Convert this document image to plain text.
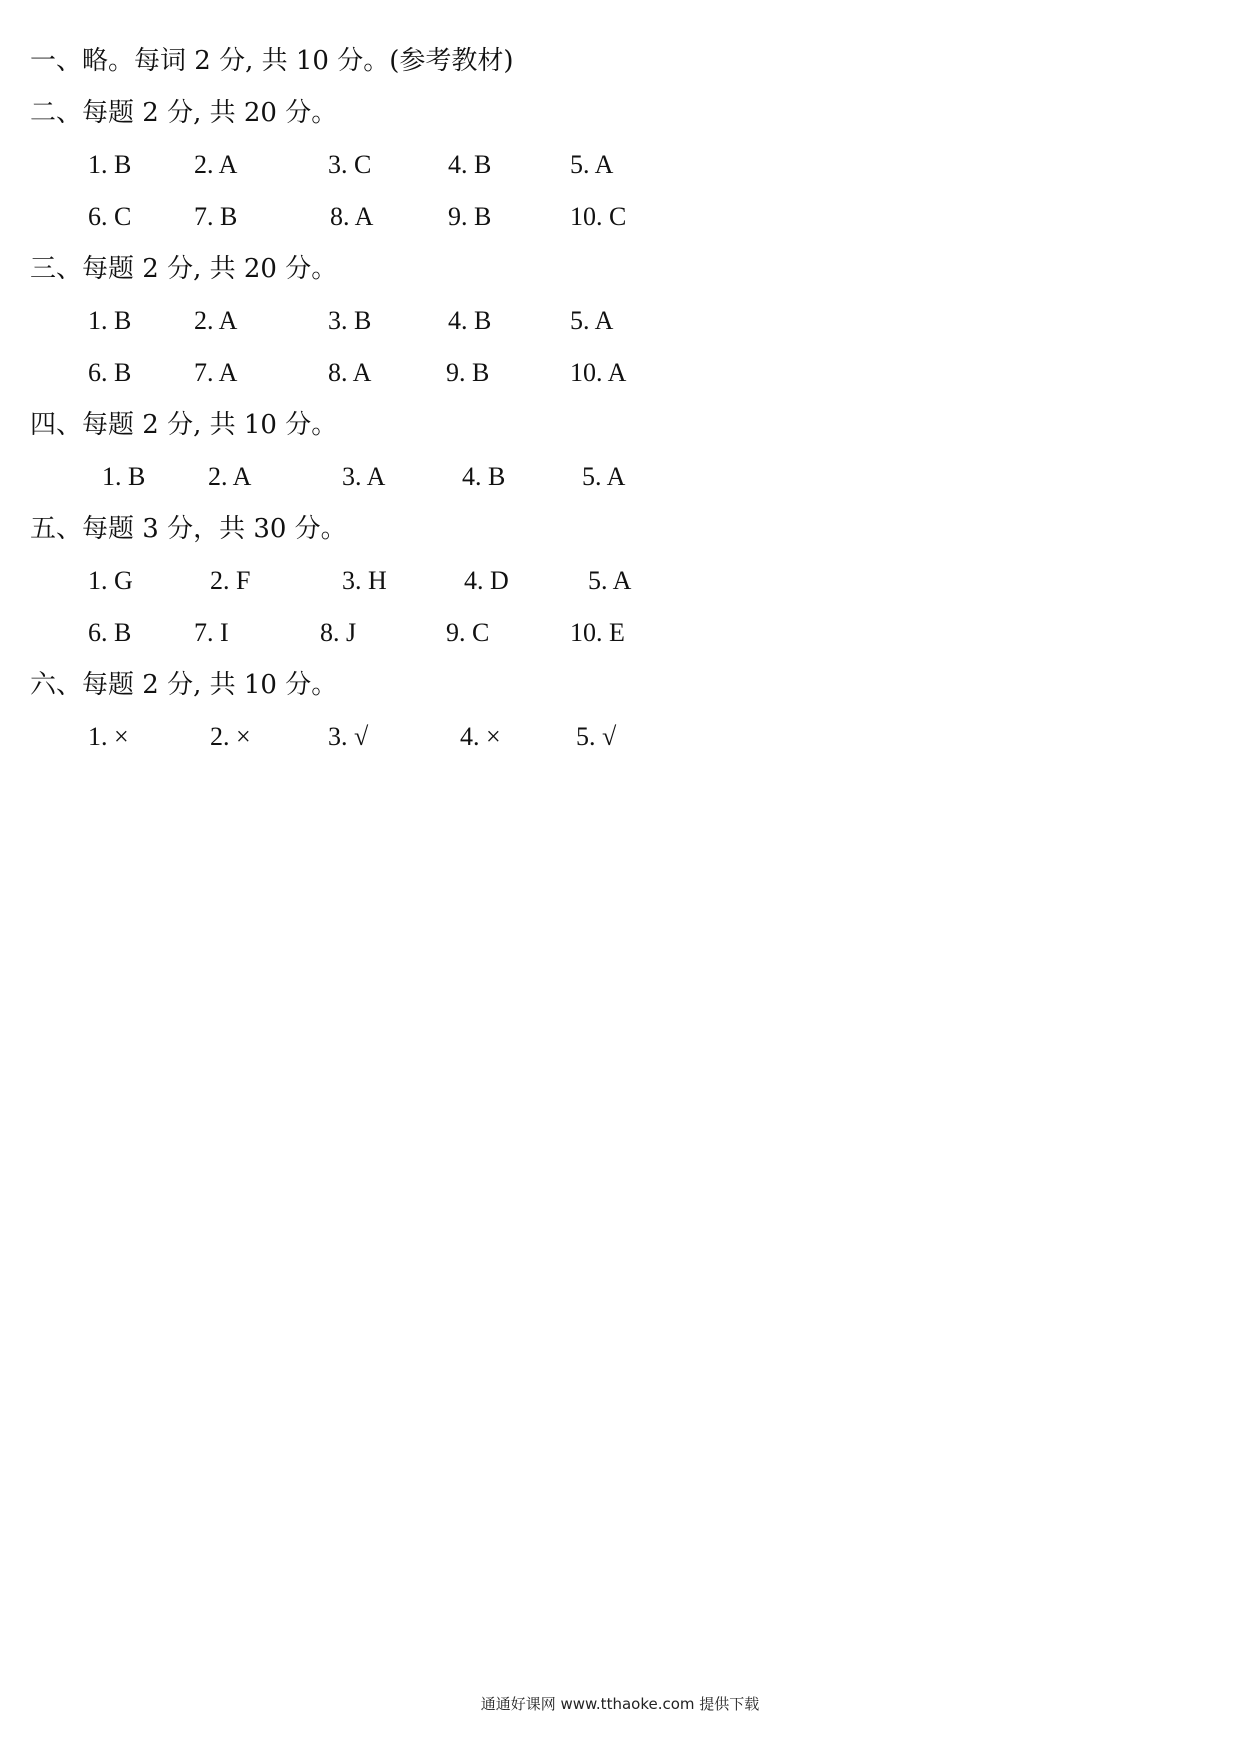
一、略。每词 2 分, 共 10 分。(参考教材)
二、每题 2 分, 共 20 分。
1. B 2. A	3. C	4. B	5. A
6. C 7. B	8. A	9. B	10. C
三、每题 2 分, 共 20 分。
1. B 2. A	3. B	4. B	5. A
6. B 7. A	8. A	9. B	10. A
四、每题 2 分, 共 10 分。
1. B 2. A	3. A	4. B	5. A
五、每题 3 分，共 30 分。
1. G	2. F	3. H	4. D	5. A
6. B 7. I	8. J	9. C	10. E
六、每题 2 分, 共 10 分。
1. ×	2. ×	3. √	4. ×	5. √
通通好课网 www.tthaoke.com 提供下载
